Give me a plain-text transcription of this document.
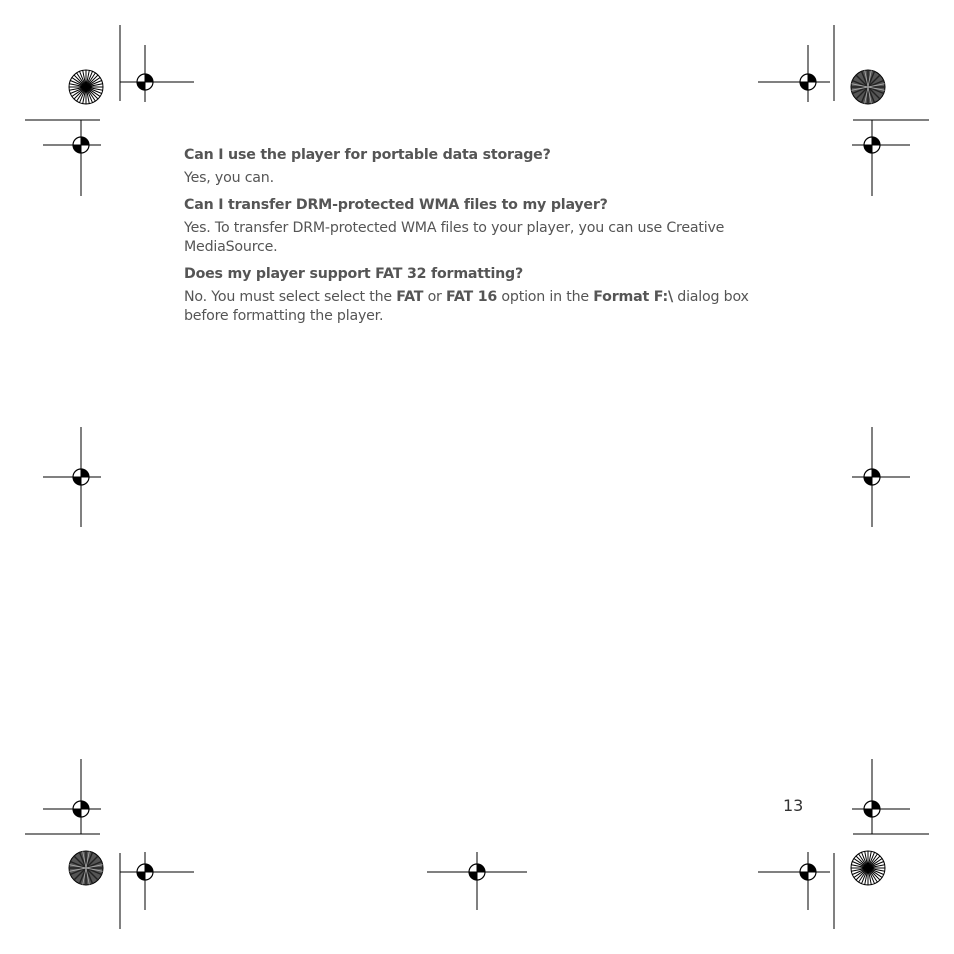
Can I use the player for portable data storage?
Yes, you can.
Can I transfer DRM-protected WMA files to my player?
Yes. To transfer DRM-protected WMA files to your player, you can use Creative
MediaSource.
Does my player support FAT 32 formatting?
No. You must select select the FAT or FAT 16 option in the Format F:\ dialog box
before formatting the player.
13
